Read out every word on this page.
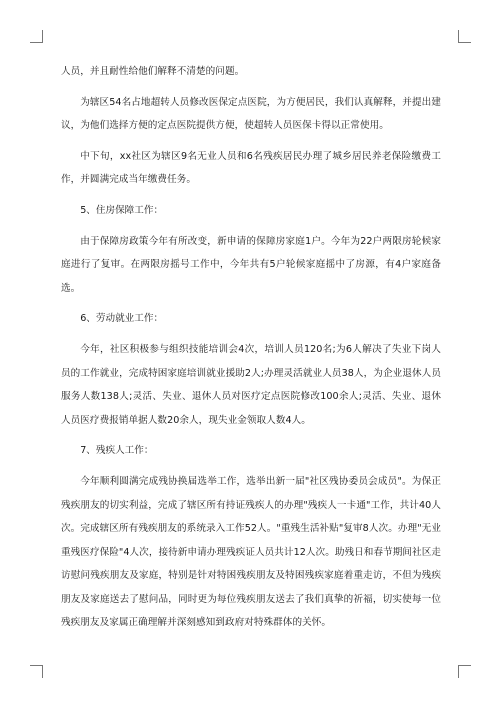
人员，并且耐性给他们解释不清楚的问题。

为辖区54名占地超转人员修改医保定点医院，为方便居民，我们认真解释，并提出建议，为他们选择方便的定点医院提供方便，使超转人员医保卡得以正常使用。

中下旬，xx社区为辖区9名无业人员和6名残疾居民办理了城乡居民养老保险缴费工作，并圆满完成当年缴费任务。

5、住房保障工作：

由于保障房政策今年有所改变，新申请的保障房家庭1户。今年为22户两限房轮候家庭进行了复审。在两限房摇号工作中，今年共有5户轮候家庭摇中了房源，有4户家庭备选。

6、劳动就业工作：

今年，社区积极参与组织技能培训会4次，培训人员120名;为6人解决了失业下岗人员的工作就业，完成特困家庭培训就业援助2人;办理灵活就业人员38人，为企业退休人员服务人数138人;灵活、失业、退休人员对医疗定点医院修改100余人;灵活、失业、退休人员医疗费报销单据人数20余人，现失业金领取人数4人。

7、残疾人工作：

今年顺利圆满完成残协换届选举工作，选举出新一届"社区残协委员会成员"。为保正残疾朋友的切实利益，完成了辖区所有持证残疾人的办理"残疾人一卡通"工作，共计40人次。完成辖区所有残疾朋友的系统录入工作52人。"重残生活补贴"复审8人次。办理"无业重残医疗保险"4人次，接待新申请办理残疾证人员共计12人次。助残日和春节期间社区走访慰问残疾朋友及家庭，特别是针对特困残疾朋友及特困残疾家庭着重走访，不但为残疾朋友及家庭送去了慰问品，同时更为每位残疾朋友送去了我们真挚的祈福，切实使每一位残疾朋友及家属正确理解并深刻感知到政府对特殊群体的关怀。
